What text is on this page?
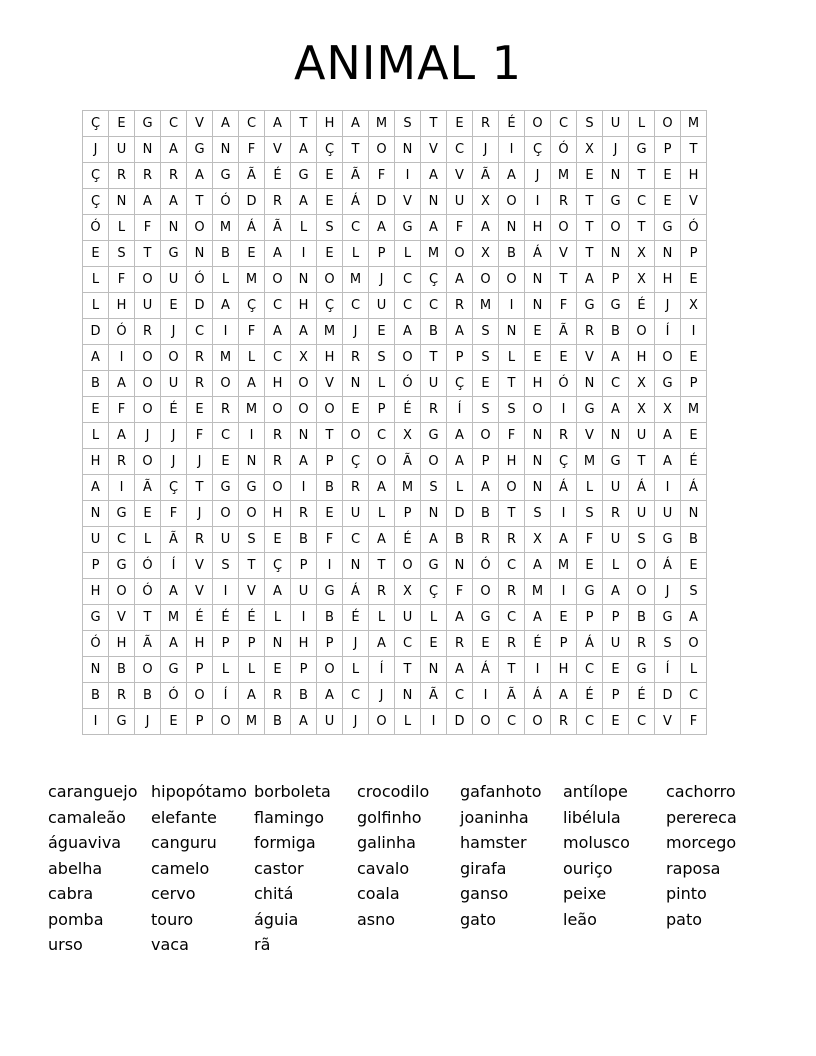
ANIMAL 1
Ç	E	G	C	V	A	C	A	T	H	A	M	S	T	E	R	É	O	C	S	U	L	O	M
J	U	N	A	G	N	F	V	A	Ç	T	O	N	V	C	J	I	Ç	Ó	X	J	G	P	T
Ç	R	R	R	A	G	Ã	É	G	E	Ã	F	I	A	V	Ã	A	J	M	E	N	T	E	H
Ç	N	A	A	T	Ó	D	R	A	E	Á	D	V	N	U	X	O	I	R	T	G	C	E	V
Ó	L	F	N	O	M	Á	Ã	L	S	C	A	G	A	F	A	N	H	O	T	O	T	G	Ó
E	S	T	G	N	B	E	A	I	E	L	P	L	M	O	X	B	Á	V	T	N	X	N	P
L	F	O	U	Ó	L	M	O	N	O	M	J	C	Ç	A	O	O	N	T	A	P	X	H	E
L	H	U	E	D	A	Ç	C	H	Ç	C	U	C	C	R	M	I	N	F	G	G	É	J	X
D	Ó	R	J	C	I	F	A	A	M	J	E	A	B	A	S	N	E	Ã	R	B	O	Í	I
A	I	O	O	R	M	L	C	X	H	R	S	O	T	P	S	L	E	E	V	A	H	O	E
B	A	O	U	R	O	A	H	O	V	N	L	Ó	U	Ç	E	T	H	Ó	N	C	X	G	P
E	F	O	É	E	R	M	O	O	O	E	P	É	R	Í	S	S	O	I	G	A	X	X	M
L	A	J	J	F	C	I	R	N	T	O	C	X	G	A	O	F	N	R	V	N	U	A	E
H	R	O	J	J	E	N	R	A	P	Ç	O	Ã	O	A	P	H	N	Ç	M	G	T	A	É
A	I	Ã	Ç	T	G	G	O	I	B	R	A	M	S	L	A	O	N	Á	L	U	Á	I	Á
N	G	E	F	J	O	O	H	R	E	U	L	P	N	D	B	T	S	I	S	R	U	U	N
U	C	L	Ã	R	U	S	E	B	F	C	A	É	A	B	R	R	X	A	F	U	S	G	B
P	G	Ó	Í	V	S	T	Ç	P	I	N	T	O	G	N	Ó	C	A	M	E	L	O	Á	E
H	O	Ó	A	V	I	V	A	U	G	Á	R	X	Ç	F	O	R	M	I	G	A	O	J	S
G	V	T	M	É	É	É	L	I	B	É	L	U	L	A	G	C	A	E	P	P	B	G	A
Ó	H	Ã	A	H	P	P	N	H	P	J	A	C	E	R	E	R	É	P	Á	U	R	S	O
N	B	O	G	P	L	L	E	P	O	L	Í	T	N	A	Á	T	I	H	C	E	G	Í	L
B	R	B	Ó	O	Í	A	R	B	A	C	J	N	Ã	C	I	Ã	Á	A	É	P	É	D	C
I	G	J	E	P	O	M	B	A	U	J	O	L	I	D	O	C	O	R	C	E	C	V	F
caranguejo hipopótamo borboleta	crocodilo	gafanhoto	antílope	cachorro
camaleão	elefante	flamingo	golfinho	joaninha	libélula	perereca
águaviva	canguru	formiga	galinha	hamster	molusco	morcego
abelha	camelo	castor	cavalo	girafa	ouriço	raposa
cabra	cervo	chitá	coala	ganso	peixe	pinto
pomba	touro	águia	asno	gato	leão	pato
urso	vaca	rã
